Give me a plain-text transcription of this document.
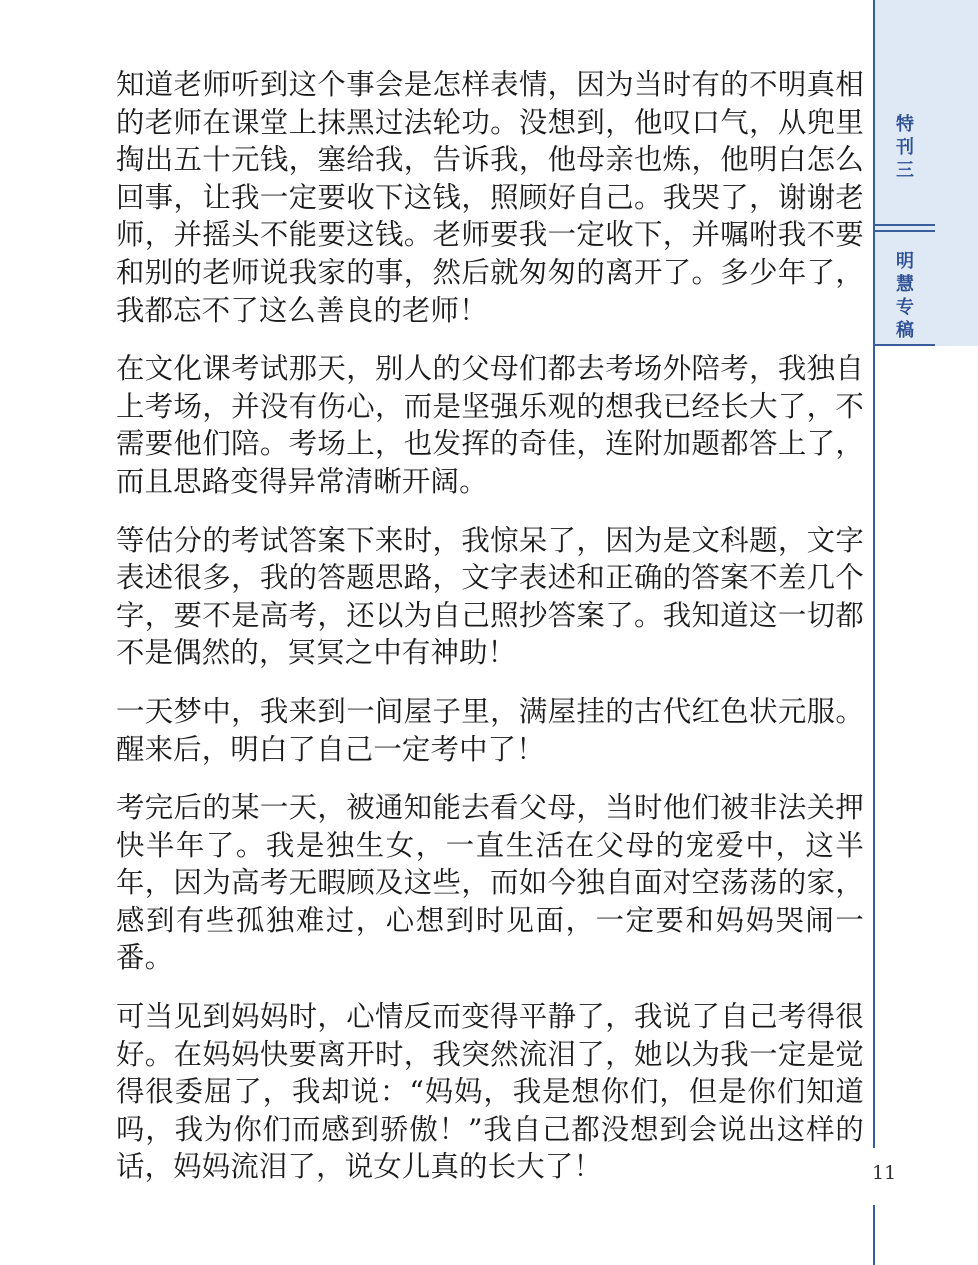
特
刊
三
明
慧
专
稿

知道老师听到这个事会是怎样表情，因为当时有的不明真相的老师在课堂上抹黑过法轮功。没想到，他叹口气，从兜里掏出五十元钱，塞给我，告诉我，他母亲也炼，他明白怎么回事，让我一定要收下这钱，照顾好自己。我哭了，谢谢老师，并摇头不能要这钱。老师要我一定收下，并嘱咐我不要和别的老师说我家的事，然后就匆匆的离开了。多少年了，我都忘不了这么善良的老师！

在文化课考试那天，别人的父母们都去考场外陪考，我独自上考场，并没有伤心，而是坚强乐观的想我已经长大了，不需要他们陪。考场上，也发挥的奇佳，连附加题都答上了，而且思路变得异常清晰开阔。

等估分的考试答案下来时，我惊呆了，因为是文科题，文字表述很多，我的答题思路，文字表述和正确的答案不差几个字，要不是高考，还以为自己照抄答案了。我知道这一切都不是偶然的，冥冥之中有神助！

一天梦中，我来到一间屋子里，满屋挂的古代红色状元服。醒来后，明白了自己一定考中了！

考完后的某一天，被通知能去看父母，当时他们被非法关押快半年了。我是独生女，一直生活在父母的宠爱中，这半年，因为高考无暇顾及这些，而如今独自面对空荡荡的家，感到有些孤独难过，心想到时见面，一定要和妈妈哭闹一番。

可当见到妈妈时，心情反而变得平静了，我说了自己考得很好。在妈妈快要离开时，我突然流泪了，她以为我一定是觉得很委屈了，我却说：“妈妈，我是想你们，但是你们知道吗，我为你们而感到骄傲！”我自己都没想到会说出这样的话，妈妈流泪了，说女儿真的长大了！	11
